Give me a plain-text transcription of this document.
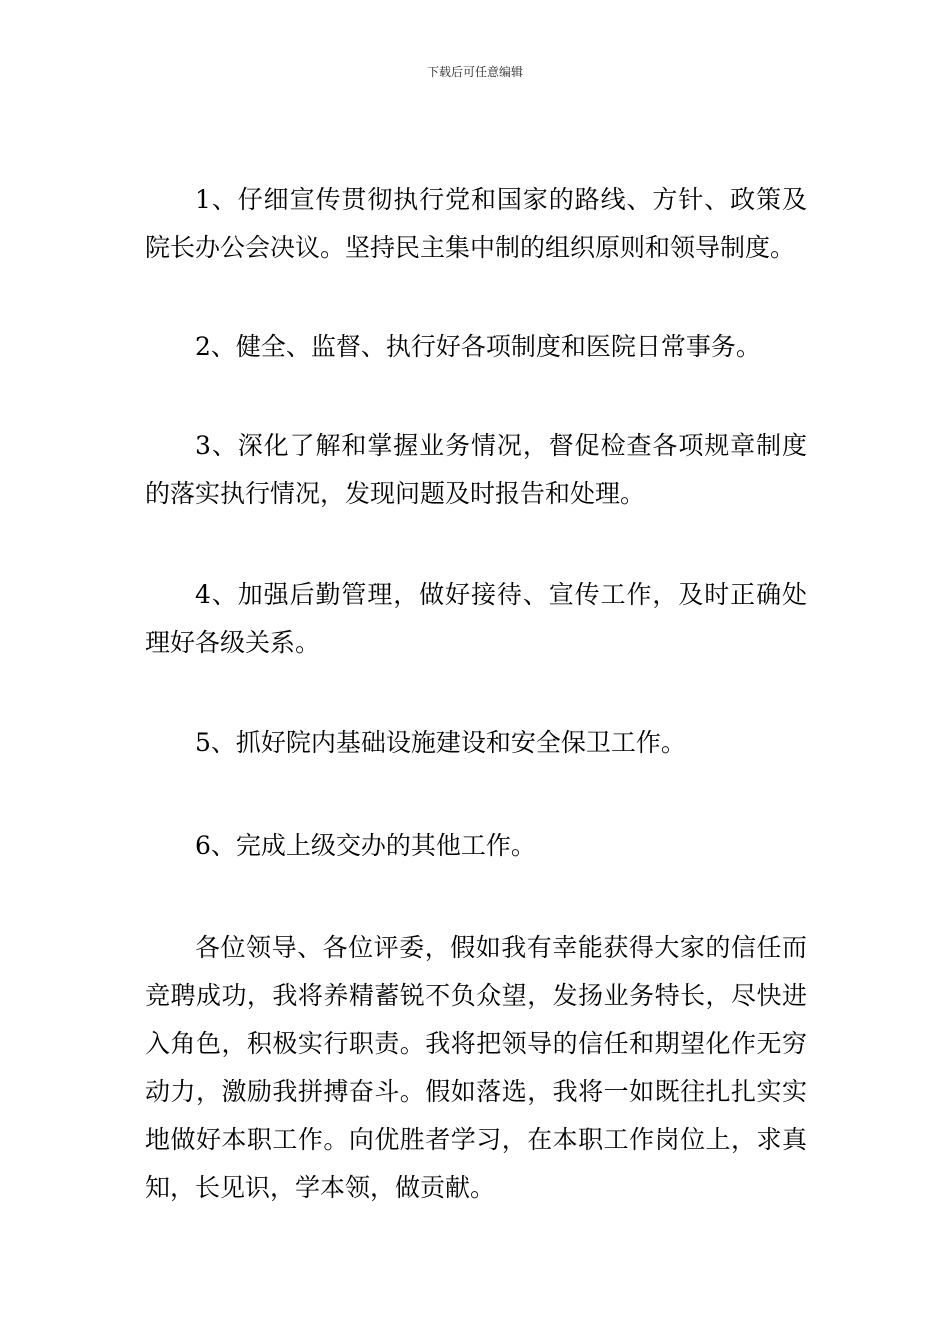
下载后可任意编辑

1、仔细宣传贯彻执行党和国家的路线、方针、政策及院长办公会决议。坚持民主集中制的组织原则和领导制度。

2、健全、监督、执行好各项制度和医院日常事务。

3、深化了解和掌握业务情况，督促检查各项规章制度的落实执行情况，发现问题及时报告和处理。

4、加强后勤管理，做好接待、宣传工作，及时正确处理好各级关系。

5、抓好院内基础设施建设和安全保卫工作。

6、完成上级交办的其他工作。

各位领导、各位评委，假如我有幸能获得大家的信任而竞聘成功，我将养精蓄锐不负众望，发扬业务特长，尽快进入角色，积极实行职责。我将把领导的信任和期望化作无穷动力，激励我拼搏奋斗。假如落选，我将一如既往扎扎实实地做好本职工作。向优胜者学习，在本职工作岗位上，求真知，长见识，学本领，做贡献。
